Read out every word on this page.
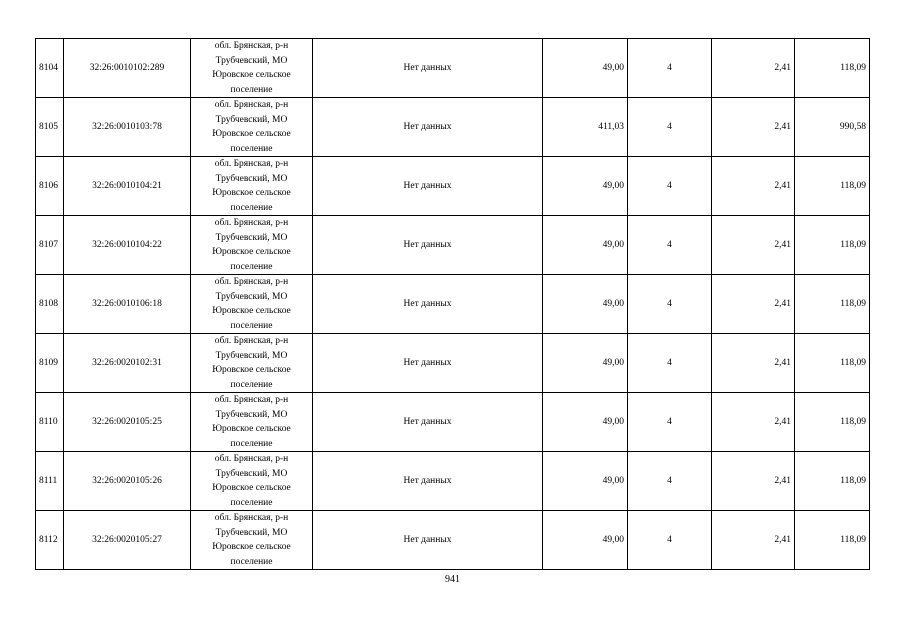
8104	32:26:0010102:289	обл. Брянская, р-н
Трубчевский, МО
Юровское сельское
поселение	Нет данных	49,00	4	2,41	118,09
8105	32:26:0010103:78	обл. Брянская, р-н
Трубчевский, МО
Юровское сельское
поселение	Нет данных	411,03	4	2,41	990,58
8106	32:26:0010104:21	обл. Брянская, р-н
Трубчевский, МО
Юровское сельское
поселение	Нет данных	49,00	4	2,41	118,09
8107	32:26:0010104:22	обл. Брянская, р-н
Трубчевский, МО
Юровское сельское
поселение	Нет данных	49,00	4	2,41	118,09
8108	32:26:0010106:18	обл. Брянская, р-н
Трубчевский, МО
Юровское сельское
поселение	Нет данных	49,00	4	2,41	118,09
8109	32:26:0020102:31	обл. Брянская, р-н
Трубчевский, МО
Юровское сельское
поселение	Нет данных	49,00	4	2,41	118,09
8110	32:26:0020105:25	обл. Брянская, р-н
Трубчевский, МО
Юровское сельское
поселение	Нет данных	49,00	4	2,41	118,09
8111	32:26:0020105:26	обл. Брянская, р-н
Трубчевский, МО
Юровское сельское
поселение	Нет данных	49,00	4	2,41	118,09
8112	32:26:0020105:27	обл. Брянская, р-н
Трубчевский, МО
Юровское сельское
поселение	Нет данных	49,00	4	2,41	118,09
941
